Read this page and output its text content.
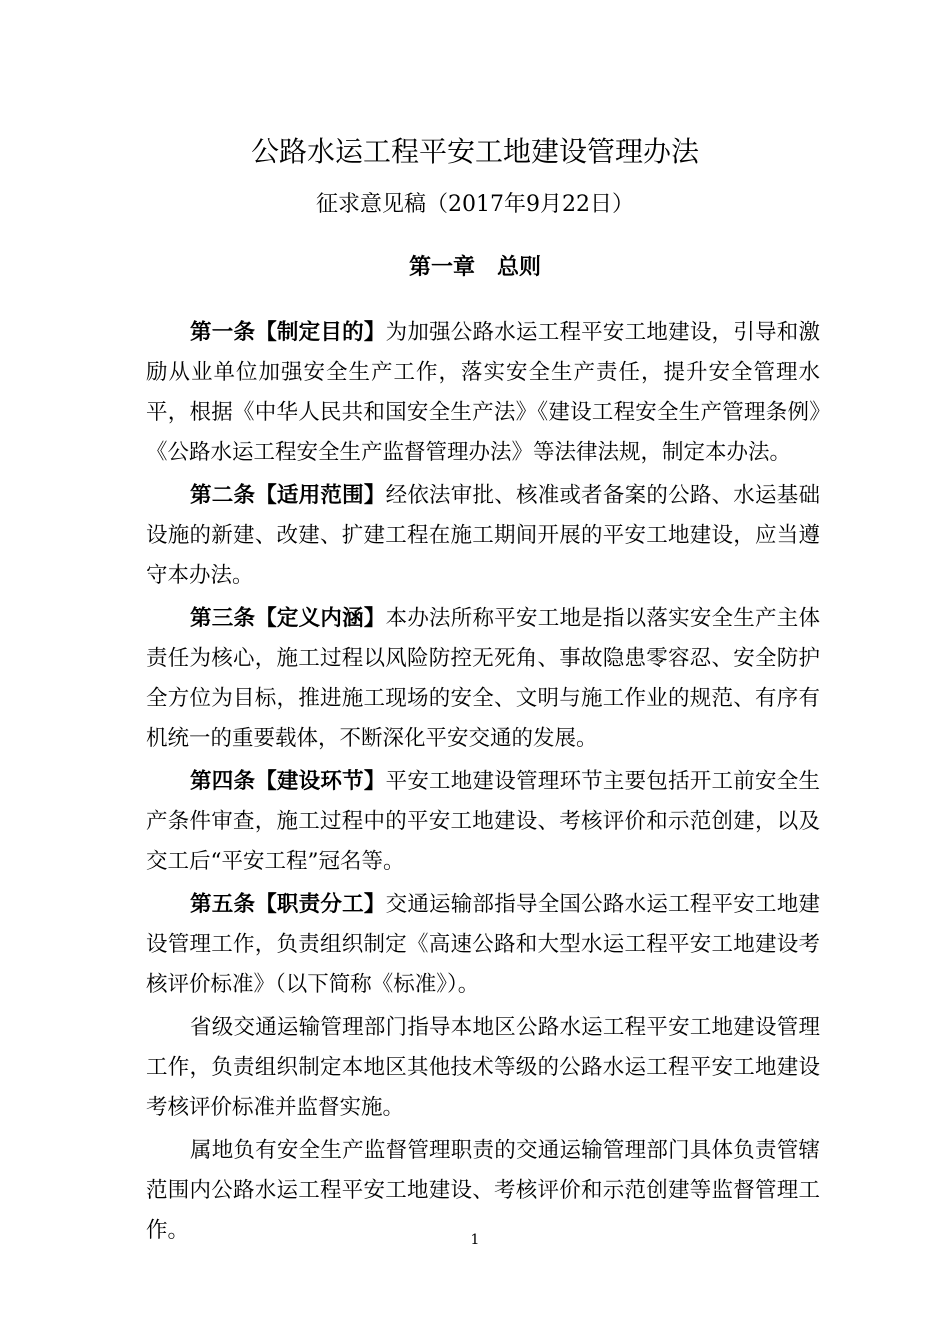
公路水运工程平安工地建设管理办法
征求意见稿（2017年9月22日）
第一章　总则

第一条【制定目的】为加强公路水运工程平安工地建设，引导和激励从业单位加强安全生产工作，落实安全生产责任，提升安全管理水平，根据《中华人民共和国安全生产法》《建设工程安全生产管理条例》《公路水运工程安全生产监督管理办法》等法律法规，制定本办法。

第二条【适用范围】经依法审批、核准或者备案的公路、水运基础设施的新建、改建、扩建工程在施工期间开展的平安工地建设，应当遵守本办法。

第三条【定义内涵】本办法所称平安工地是指以落实安全生产主体责任为核心，施工过程以风险防控无死角、事故隐患零容忍、安全防护全方位为目标，推进施工现场的安全、文明与施工作业的规范、有序有机统一的重要载体，不断深化平安交通的发展。

第四条【建设环节】平安工地建设管理环节主要包括开工前安全生产条件审查，施工过程中的平安工地建设、考核评价和示范创建，以及交工后“平安工程”冠名等。

第五条【职责分工】交通运输部指导全国公路水运工程平安工地建设管理工作，负责组织制定《高速公路和大型水运工程平安工地建设考核评价标准》（以下简称《标准》）。

省级交通运输管理部门指导本地区公路水运工程平安工地建设管理工作，负责组织制定本地区其他技术等级的公路水运工程平安工地建设考核评价标准并监督实施。

属地负有安全生产监督管理职责的交通运输管理部门具体负责管辖范围内公路水运工程平安工地建设、考核评价和示范创建等监督管理工作。	1
